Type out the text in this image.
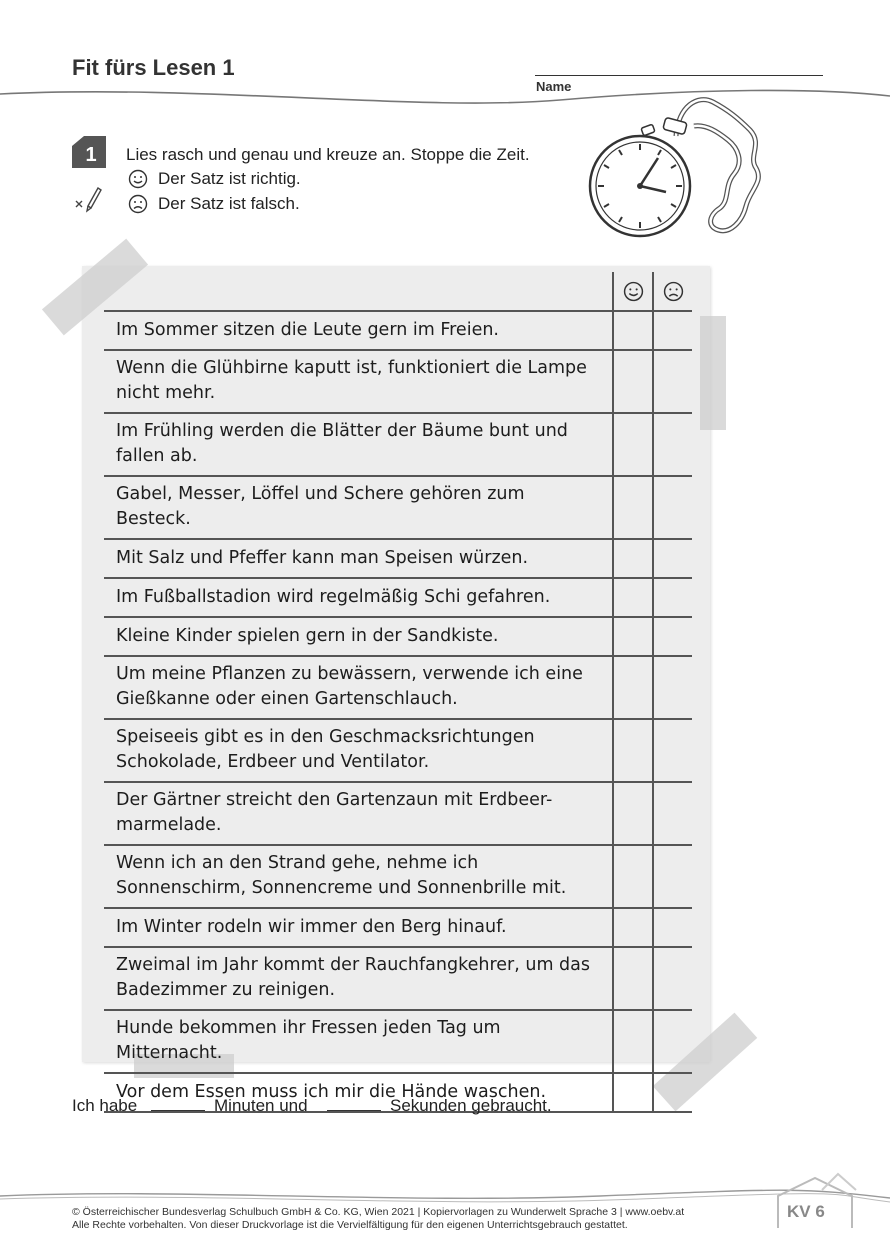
Fit fürs Lesen 1
Name
1 Lies rasch und genau und kreuze an. Stoppe die Zeit.
Der Satz ist richtig.
Der Satz ist falsch.

Im Sommer sitzen die Leute gern im Freien.		
Wenn die Glühbirne kaputt ist, funktioniert die Lampe nicht mehr.		
Im Frühling werden die Blätter der Bäume bunt und fallen ab.		
Gabel, Messer, Löffel und Schere gehören zum Besteck.		
Mit Salz und Pfeffer kann man Speisen würzen.		
Im Fußballstadion wird regelmäßig Schi gefahren.		
Kleine Kinder spielen gern in der Sandkiste.		
Um meine Pflanzen zu bewässern, verwende ich eine Gießkanne oder einen Gartenschlauch.		
Speiseeis gibt es in den Geschmacksrichtungen Schokolade, Erdbeer und Ventilator.		
Der Gärtner streicht den Gartenzaun mit Erdbeer-marmelade.		
Wenn ich an den Strand gehe, nehme ich Sonnenschirm, Sonnencreme und Sonnenbrille mit.		
Im Winter rodeln wir immer den Berg hinauf.		
Zweimal im Jahr kommt der Rauchfangkehrer, um das Badezimmer zu reinigen.		
Hunde bekommen ihr Fressen jeden Tag um Mitternacht.		
Vor dem Essen muss ich mir die Hände waschen.		
Ich habe	Minuten und	Sekunden gebraucht.
© Österreichischer Bundesverlag Schulbuch GmbH & Co. KG, Wien 2021 | Kopiervorlagen zu Wunderwelt Sprache 3 | www.oebv.at
Alle Rechte vorbehalten. Von dieser Druckvorlage ist die Vervielfältigung für den eigenen Unterrichtsgebrauch gestattet.
KV 6
